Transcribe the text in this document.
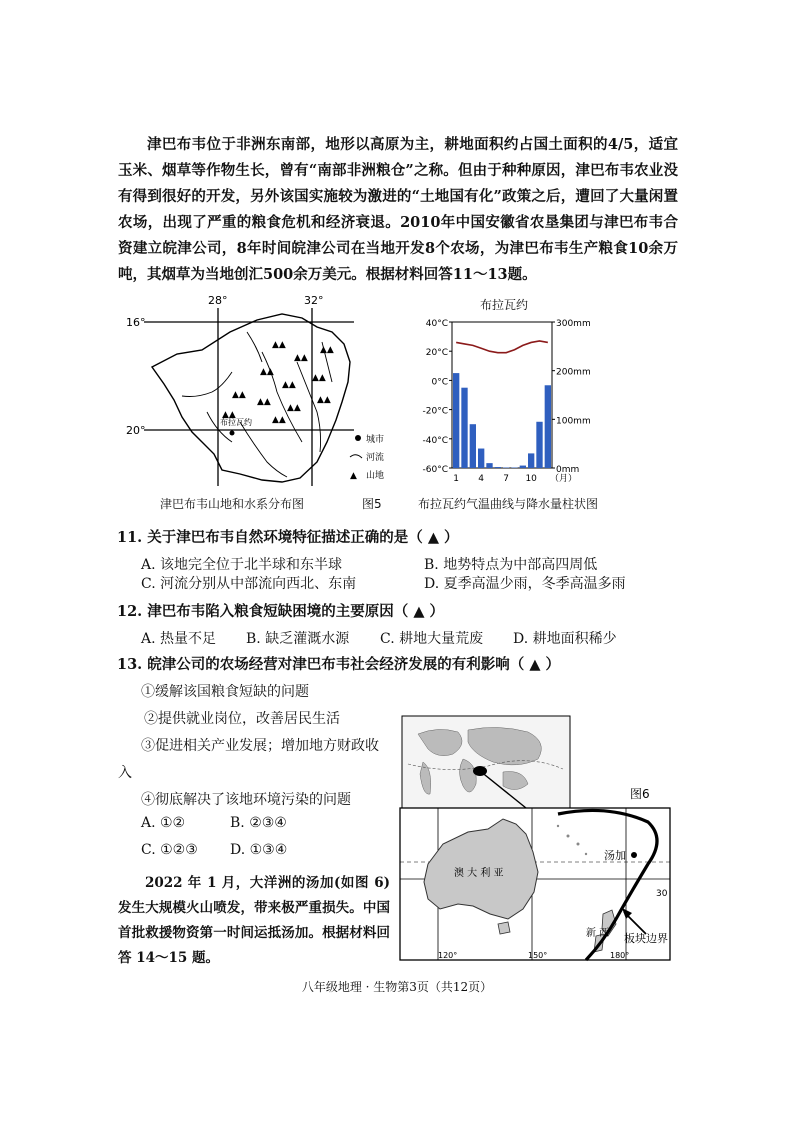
津巴布韦位于非洲东南部，地形以高原为主，耕地面积约占国土面积的4/5，适宜玉米、烟草等作物生长，曾有“南部非洲粮仓”之称。但由于种种原因，津巴布韦农业没有得到很好的开发，另外该国实施较为激进的“土地国有化”政策之后，遭回了大量闲置农场，出现了严重的粮食危机和经济衰退。2010年中国安徽省农垦集团与津巴布韦合资建立皖津公司，8年时间皖津公司在当地开发8个农场，为津巴布韦生产粮食10余万吨，其烟草为当地创汇500余万美元。根据材料回答11～13题。
28°	32°
16°
20°
▲▲
▲▲
▲▲
▲▲
▲▲
▲▲
▲▲
▲▲
▲▲
▲▲	▲▲
▲▲
布拉瓦约
城市
河流
▲ 山地
津巴布韦山地和水系分布图	图5
布拉瓦约
40°C
20°C
0°C
-20°C
-40°C
-60°C
300mm
200mm
100mm
0mm
1 4 7 10 （月）
布拉瓦约气温曲线与降水量柱状图
11. 关于津巴布韦自然环境特征描述正确的是（ ▲ ）
A. 该地完全位于北半球和东半球	B. 地势特点为中部高四周低
C. 河流分别从中部流向西北、东南	D. 夏季高温少雨，冬季高温多雨
12. 津巴布韦陷入粮食短缺困境的主要原因（ ▲ ）
A. 热量不足 B. 缺乏灌溉水源 C. 耕地大量荒废 D. 耕地面积稀少
13. 皖津公司的农场经营对津巴布韦社会经济发展的有利影响（ ▲ ）
①缓解该国粮食短缺的问题
②提供就业岗位，改善居民生活
③促进相关产业发展；增加地方财政收
入
④彻底解决了该地环境污染的问题
A. ①②	B. ②③④
C. ①②③ D. ①③④
2022 年 1 月，大洋洲的汤加(如图 6)发生大规模火山喷发，带来极严重损失。中国首批救援物资第一时间运抵汤加。根据材料回答 14～15 题。
图6
澳 大 利 亚
新 西
汤加
30
板块边界
120°	150°	180°
八年级地理 · 生物第3页（共12页）
